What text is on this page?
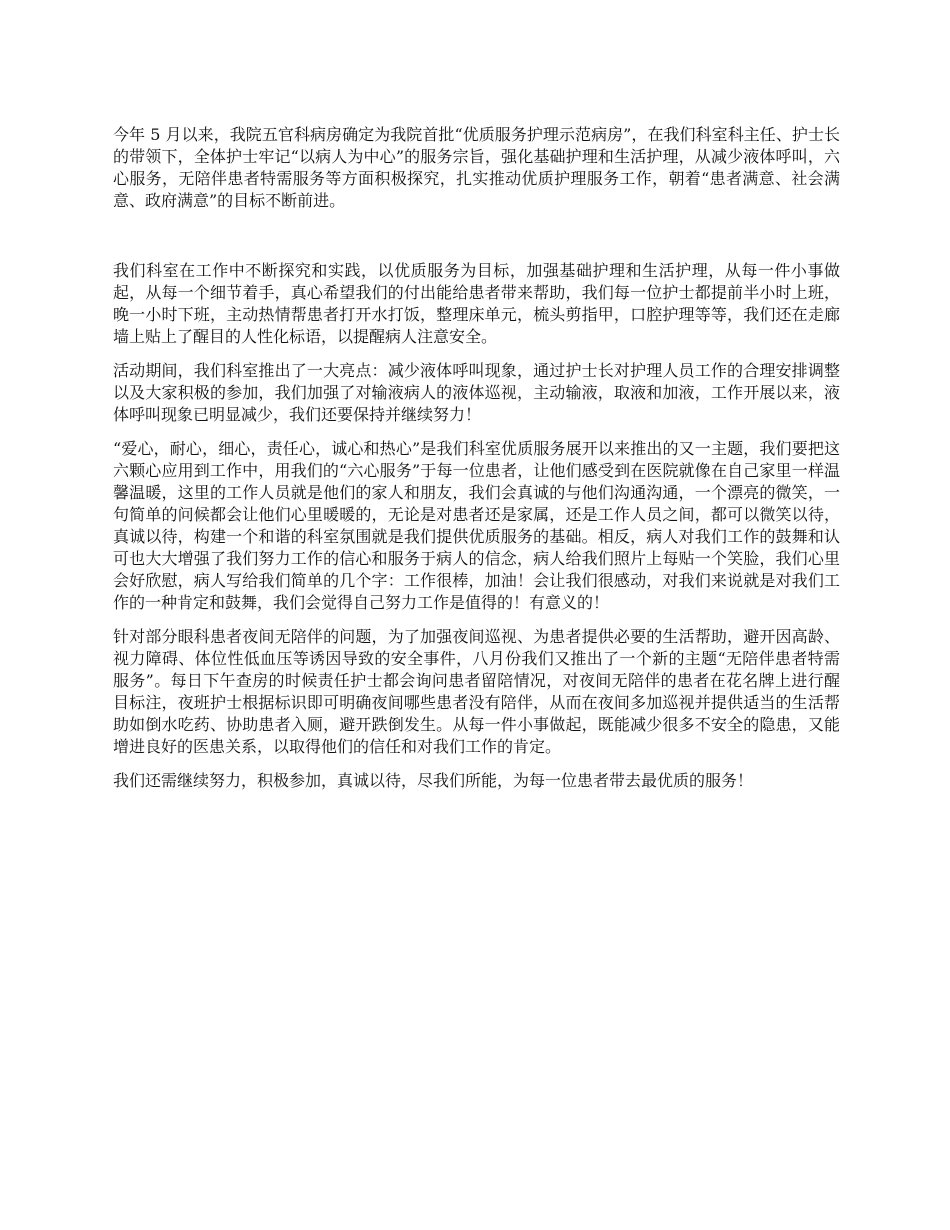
今年 5 月以来，我院五官科病房确定为我院首批“优质服务护理示范病房”，在我们科室科主任、护士长的带领下，全体护士牢记“以病人为中心”的服务宗旨，强化基础护理和生活护理，从减少液体呼叫，六心服务，无陪伴患者特需服务等方面积极探究，扎实推动优质护理服务工作，朝着“患者满意、社会满意、政府满意”的目标不断前进。

我们科室在工作中不断探究和实践，以优质服务为目标，加强基础护理和生活护理，从每一件小事做起，从每一个细节着手，真心希望我们的付出能给患者带来帮助，我们每一位护士都提前半小时上班，晚一小时下班，主动热情帮患者打开水打饭，整理床单元，梳头剪指甲，口腔护理等等，我们还在走廊墙上贴上了醒目的人性化标语，以提醒病人注意安全。

活动期间，我们科室推出了一大亮点：减少液体呼叫现象，通过护士长对护理人员工作的合理安排调整以及大家积极的参加，我们加强了对输液病人的液体巡视，主动输液，取液和加液，工作开展以来，液体呼叫现象已明显减少，我们还要保持并继续努力！

“爱心，耐心，细心，责任心，诚心和热心”是我们科室优质服务展开以来推出的又一主题，我们要把这六颗心应用到工作中，用我们的“六心服务”于每一位患者，让他们感受到在医院就像在自己家里一样温馨温暖，这里的工作人员就是他们的家人和朋友，我们会真诚的与他们沟通沟通，一个漂亮的微笑，一句简单的问候都会让他们心里暖暖的，无论是对患者还是家属，还是工作人员之间，都可以微笑以待，真诚以待，构建一个和谐的科室氛围就是我们提供优质服务的基础。相反，病人对我们工作的鼓舞和认可也大大增强了我们努力工作的信心和服务于病人的信念，病人给我们照片上每贴一个笑脸，我们心里会好欣慰，病人写给我们简单的几个字：工作很棒，加油！会让我们很感动，对我们来说就是对我们工作的一种肯定和鼓舞，我们会觉得自己努力工作是值得的！有意义的！

针对部分眼科患者夜间无陪伴的问题，为了加强夜间巡视、为患者提供必要的生活帮助，避开因高龄、视力障碍、体位性低血压等诱因导致的安全事件，八月份我们又推出了一个新的主题“无陪伴患者特需服务”。每日下午查房的时候责任护士都会询问患者留陪情况，对夜间无陪伴的患者在花名牌上进行醒目标注，夜班护士根据标识即可明确夜间哪些患者没有陪伴，从而在夜间多加巡视并提供适当的生活帮助如倒水吃药、协助患者入厕，避开跌倒发生。从每一件小事做起，既能减少很多不安全的隐患，又能增进良好的医患关系，以取得他们的信任和对我们工作的肯定。

我们还需继续努力，积极参加，真诚以待，尽我们所能，为每一位患者带去最优质的服务！
